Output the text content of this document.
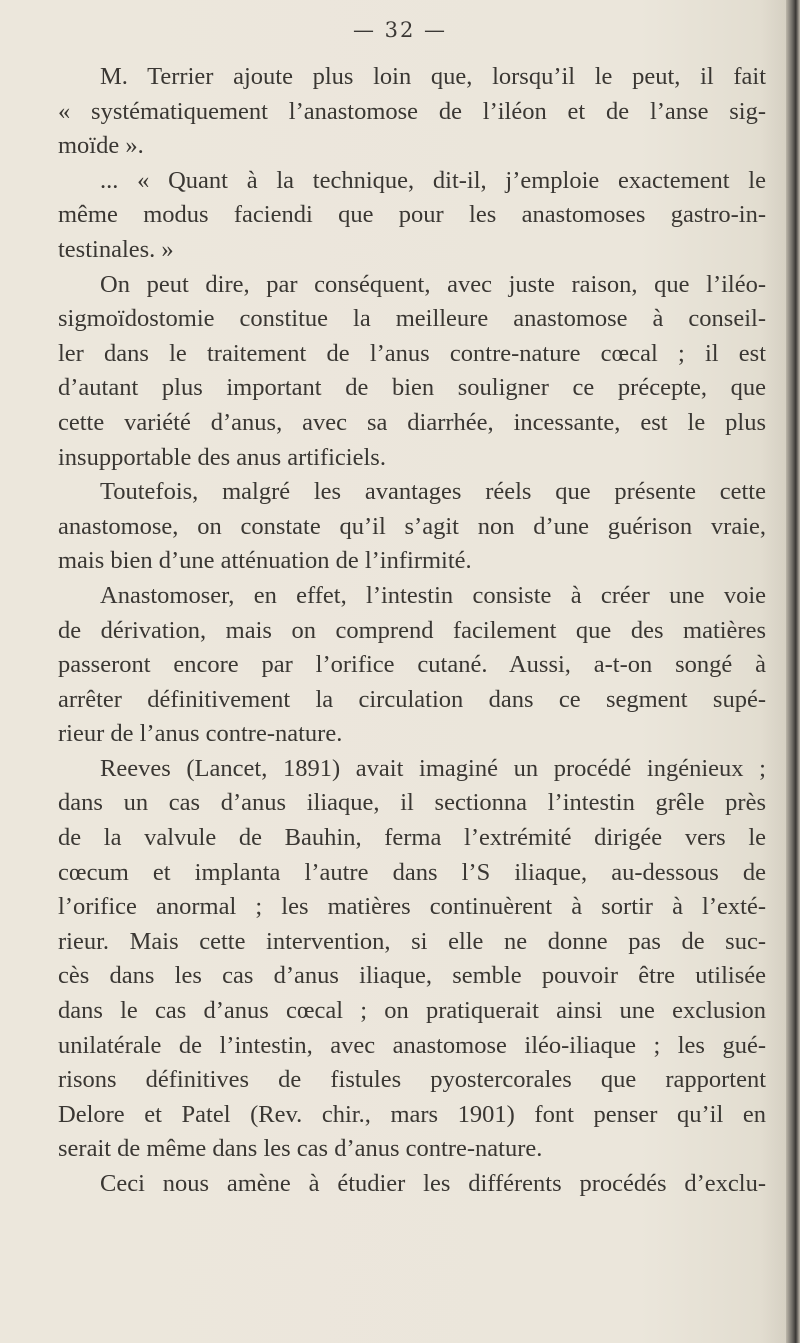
— 32 —

M. Terrier ajoute plus loin que, lorsqu’il le peut, il fait
« systématiquement l’anastomose de l’iléon et de l’anse sig-
moïde ».

... « Quant à la technique, dit-il, j’emploie exactement le
même modus faciendi que pour les anastomoses gastro-in-
testinales. »

On peut dire, par conséquent, avec juste raison, que l’iléo-
sigmoïdostomie constitue la meilleure anastomose à conseil-
ler dans le traitement de l’anus contre-nature cœcal ; il est
d’autant plus important de bien souligner ce précepte, que
cette variété d’anus, avec sa diarrhée, incessante, est le plus
insupportable des anus artificiels.

Toutefois, malgré les avantages réels que présente cette
anastomose, on constate qu’il s’agit non d’une guérison vraie,
mais bien d’une atténuation de l’infirmité.

Anastomoser, en effet, l’intestin consiste à créer une voie
de dérivation, mais on comprend facilement que des matières
passeront encore par l’orifice cutané. Aussi, a-t-on songé à
arrêter définitivement la circulation dans ce segment supé-
rieur de l’anus contre-nature.

Reeves (Lancet, 1891) avait imaginé un procédé ingénieux ;
dans un cas d’anus iliaque, il sectionna l’intestin grêle près
de la valvule de Bauhin, ferma l’extrémité dirigée vers le
cœcum et implanta l’autre dans l’S iliaque, au-dessous de
l’orifice anormal ; les matières continuèrent à sortir à l’exté-
rieur. Mais cette intervention, si elle ne donne pas de suc-
cès dans les cas d’anus iliaque, semble pouvoir être utilisée
dans le cas d’anus cœcal ; on pratiquerait ainsi une exclusion
unilatérale de l’intestin, avec anastomose iléo-iliaque ; les gué-
risons définitives de fistules pyostercorales que rapportent
Delore et Patel (Rev. chir., mars 1901) font penser qu’il en
serait de même dans les cas d’anus contre-nature.

Ceci nous amène à étudier les différents procédés d’exclu-
